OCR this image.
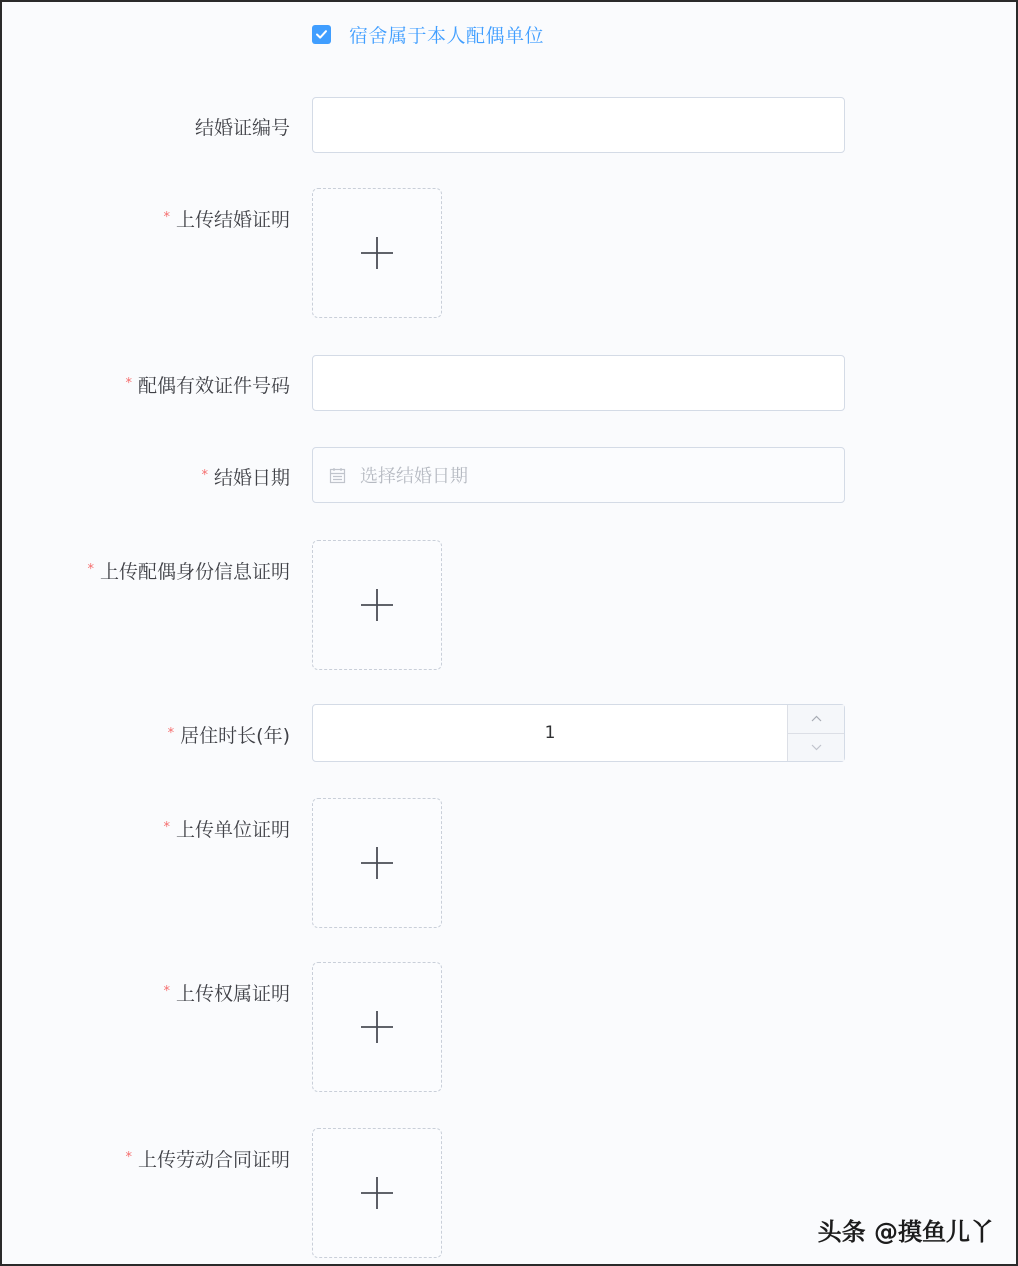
宿舍属于本人配偶单位
结婚证编号
* 上传结婚证明
* 配偶有效证件号码
* 结婚日期	选择结婚日期
* 上传配偶身份信息证明
* 居住时长(年)	1
* 上传单位证明
* 上传权属证明
* 上传劳动合同证明
头条 @摸鱼儿丫
